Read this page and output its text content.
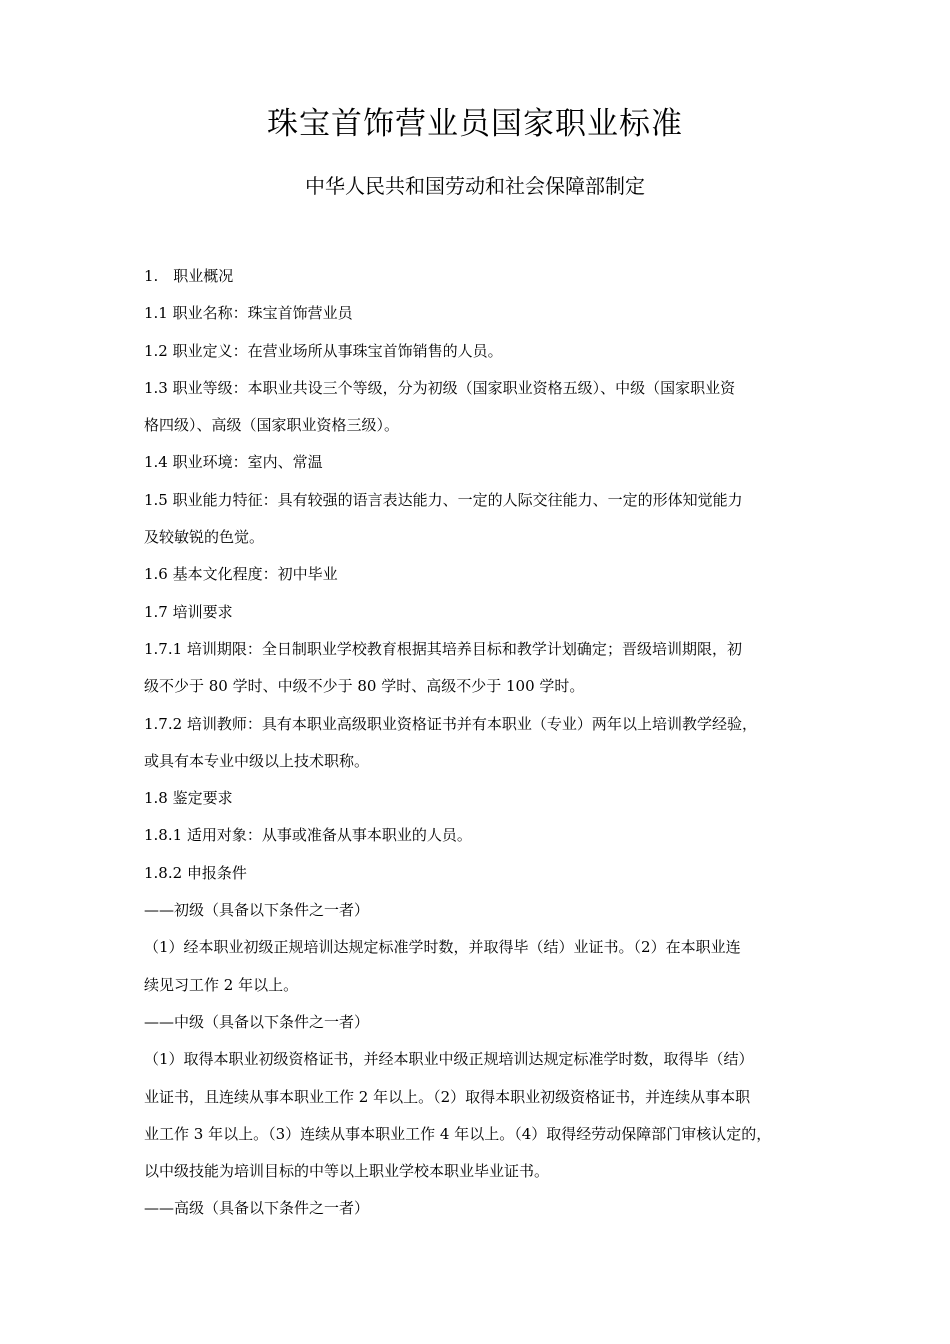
珠宝首饰营业员国家职业标准
中华人民共和国劳动和社会保障部制定

1.　职业概况

1.1 职业名称：珠宝首饰营业员

1.2 职业定义：在营业场所从事珠宝首饰销售的人员。

1.3 职业等级：本职业共设三个等级，分为初级（国家职业资格五级）、中级（国家职业资

格四级）、高级（国家职业资格三级）。

1.4 职业环境：室内、常温

1.5 职业能力特征：具有较强的语言表达能力、一定的人际交往能力、一定的形体知觉能力

及较敏锐的色觉。

1.6 基本文化程度：初中毕业

1.7 培训要求

1.7.1 培训期限：全日制职业学校教育根据其培养目标和教学计划确定；晋级培训期限，初

级不少于 80 学时、中级不少于 80 学时、高级不少于 100 学时。

1.7.2 培训教师：具有本职业高级职业资格证书并有本职业（专业）两年以上培训教学经验，

或具有本专业中级以上技术职称。

1.8 鉴定要求

1.8.1 适用对象：从事或准备从事本职业的人员。

1.8.2 申报条件

——初级（具备以下条件之一者）

（1）经本职业初级正规培训达规定标准学时数，并取得毕（结）业证书。（2）在本职业连

续见习工作 2 年以上。

——中级（具备以下条件之一者）

（1）取得本职业初级资格证书，并经本职业中级正规培训达规定标准学时数，取得毕（结）

业证书，且连续从事本职业工作 2 年以上。（2）取得本职业初级资格证书，并连续从事本职

业工作 3 年以上。（3）连续从事本职业工作 4 年以上。（4）取得经劳动保障部门审核认定的，

以中级技能为培训目标的中等以上职业学校本职业毕业证书。

——高级（具备以下条件之一者）
